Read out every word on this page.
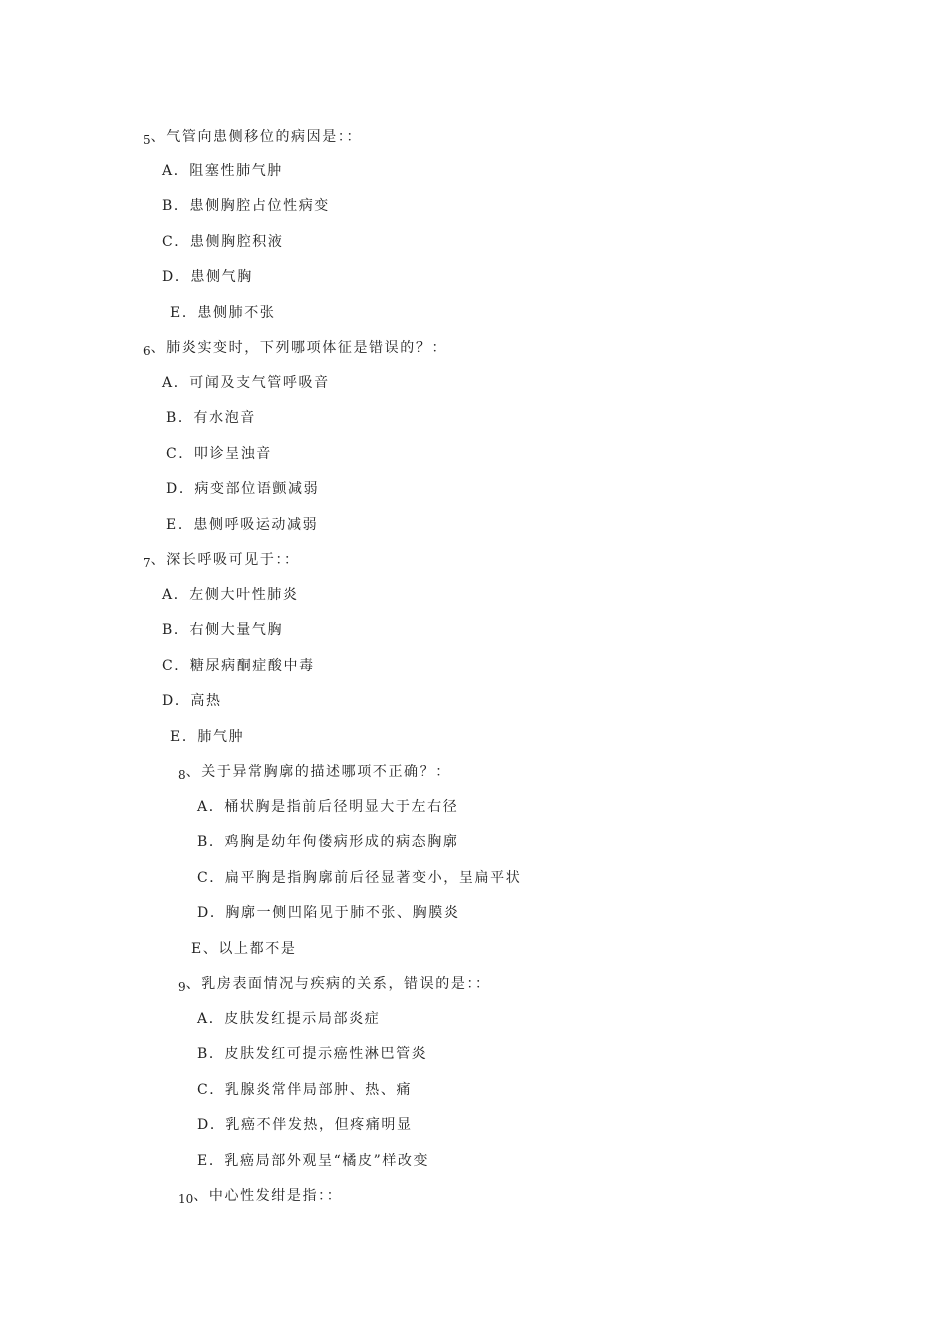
5、气管向患侧移位的病因是：：
A．阻塞性肺气肿
B．患侧胸腔占位性病变
C．患侧胸腔积液
D．患侧气胸
E．患侧肺不张
6、肺炎实变时，下列哪项体征是错误的？：
A．可闻及支气管呼吸音
B．有水泡音
C．叩诊呈浊音
D．病变部位语颤减弱
E．患侧呼吸运动减弱
7、深长呼吸可见于：：
A．左侧大叶性肺炎
B．右侧大量气胸
C．糖尿病酮症酸中毒
D．高热
E．肺气肿
8、关于异常胸廓的描述哪项不正确？：
A．桶状胸是指前后径明显大于左右径
B．鸡胸是幼年佝偻病形成的病态胸廓
C．扁平胸是指胸廓前后径显著变小，呈扁平状
D．胸廓一侧凹陷见于肺不张、胸膜炎
E、以上都不是
9、乳房表面情况与疾病的关系，错误的是：：
A．皮肤发红提示局部炎症
B．皮肤发红可提示癌性淋巴管炎
C．乳腺炎常伴局部肿、热、痛
D．乳癌不伴发热，但疼痛明显
E．乳癌局部外观呈“橘皮”样改变
10、中心性发绀是指：：
